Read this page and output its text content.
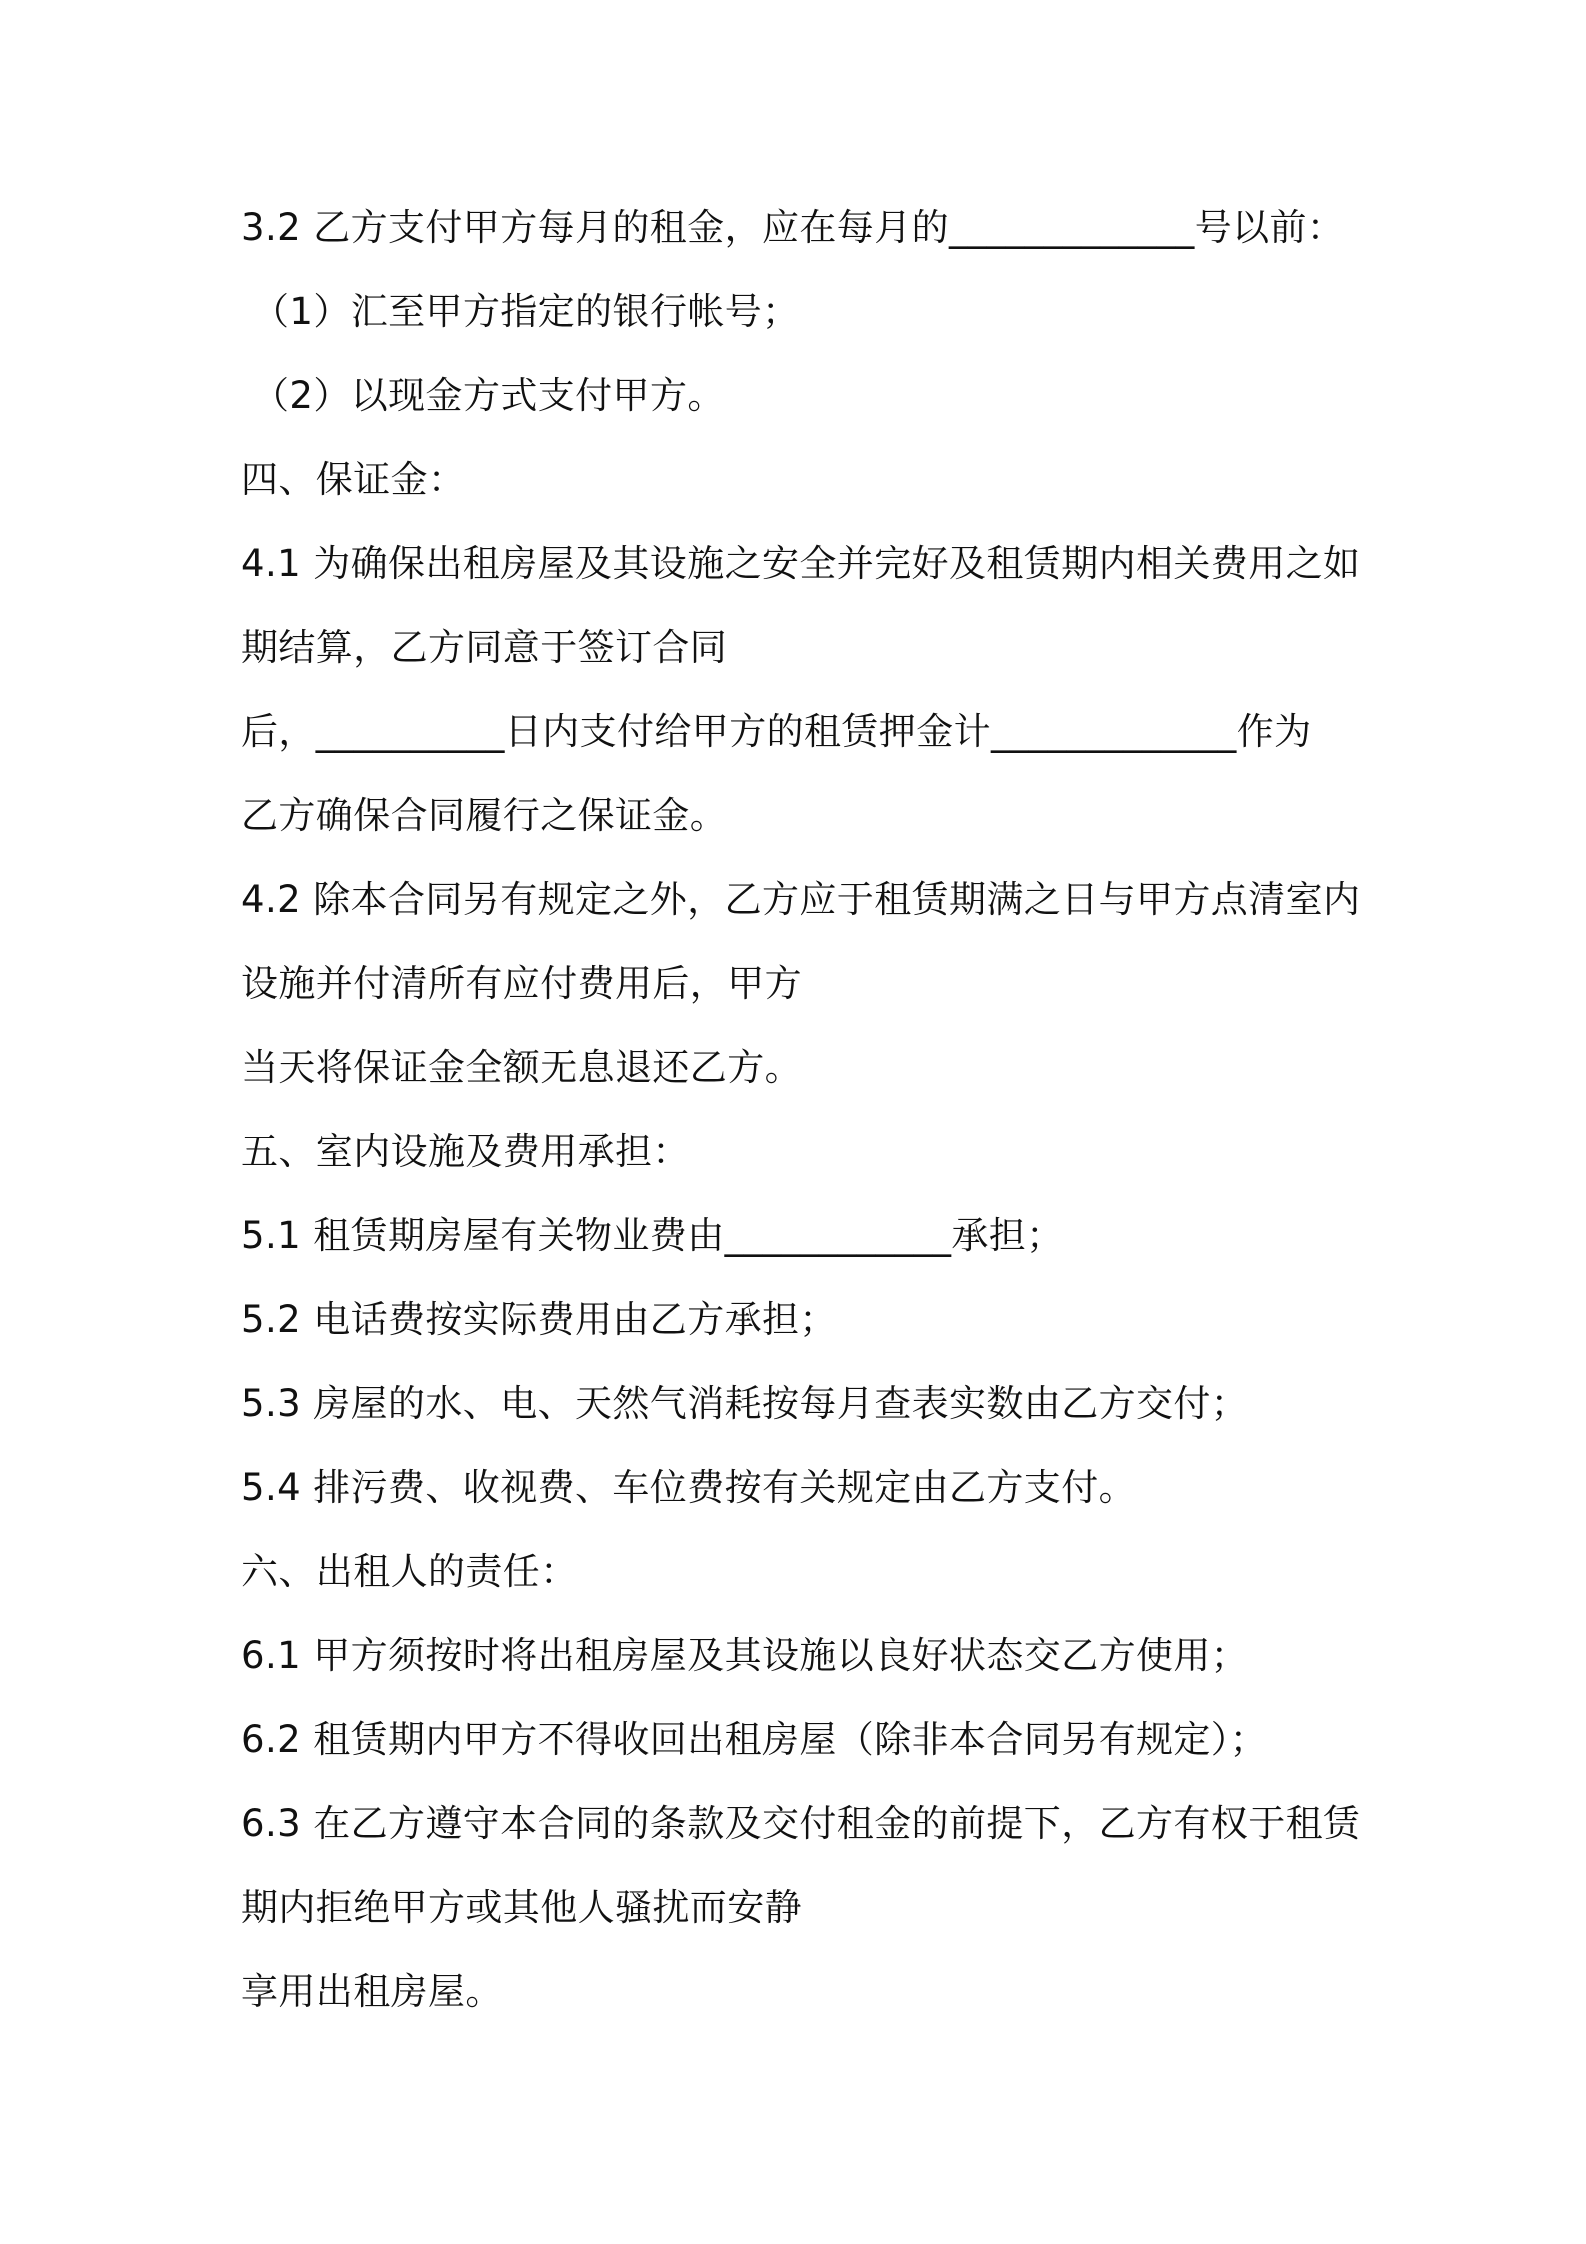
3.2 乙方支付甲方每月的租金，应在每月的_____________号以前：
（1）汇至甲方指定的银行帐号；
（2）以现金方式支付甲方。
四、保证金：
4.1 为确保出租房屋及其设施之安全并完好及租赁期内相关费用之如
期结算，乙方同意于签订合同
后，__________日内支付给甲方的租赁押金计_____________作为
乙方确保合同履行之保证金。
4.2 除本合同另有规定之外，乙方应于租赁期满之日与甲方点清室内
设施并付清所有应付费用后，甲方
当天将保证金全额无息退还乙方。
五、室内设施及费用承担：
5.1 租赁期房屋有关物业费由____________承担；
5.2 电话费按实际费用由乙方承担；
5.3 房屋的水、电、天然气消耗按每月查表实数由乙方交付；
5.4 排污费、收视费、车位费按有关规定由乙方支付。
六、出租人的责任：
6.1 甲方须按时将出租房屋及其设施以良好状态交乙方使用；
6.2 租赁期内甲方不得收回出租房屋（除非本合同另有规定）；
6.3 在乙方遵守本合同的条款及交付租金的前提下，乙方有权于租赁
期内拒绝甲方或其他人骚扰而安静
享用出租房屋。
